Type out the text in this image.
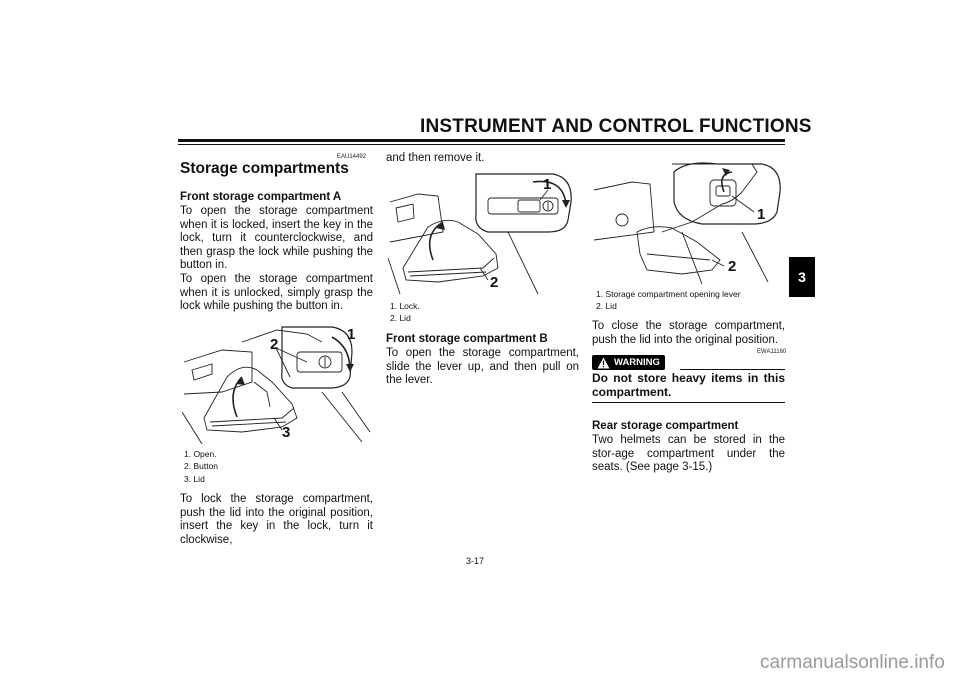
INSTRUMENT AND CONTROL FUNCTIONS
3
EAU14492
Storage compartments
Front storage compartment A
To open the storage compartment when it is locked, insert the key in the lock, turn it counterclockwise, and then grasp the lock while pushing the button in.
To open the storage compartment when it is unlocked, simply grasp the lock while pushing the button in.
1
2
3
1. Open.
2. Button
3. Lid
To lock the storage compartment, push the lid into the original position, insert the key in the lock, turn it clockwise,
and then remove it.
1
2
1. Lock.
2. Lid
Front storage compartment B
To open the storage compartment, slide the lever up, and then pull on the lever.
1
2
1. Storage compartment opening lever
2. Lid
To close the storage compartment, push the lid into the original position.
EWA11160
WARNING
Do not store heavy items in this compartment.
Rear storage compartment
Two helmets can be stored in the stor-age compartment under the seats. (See page 3-15.)
3-17
carmanualsonline.info
